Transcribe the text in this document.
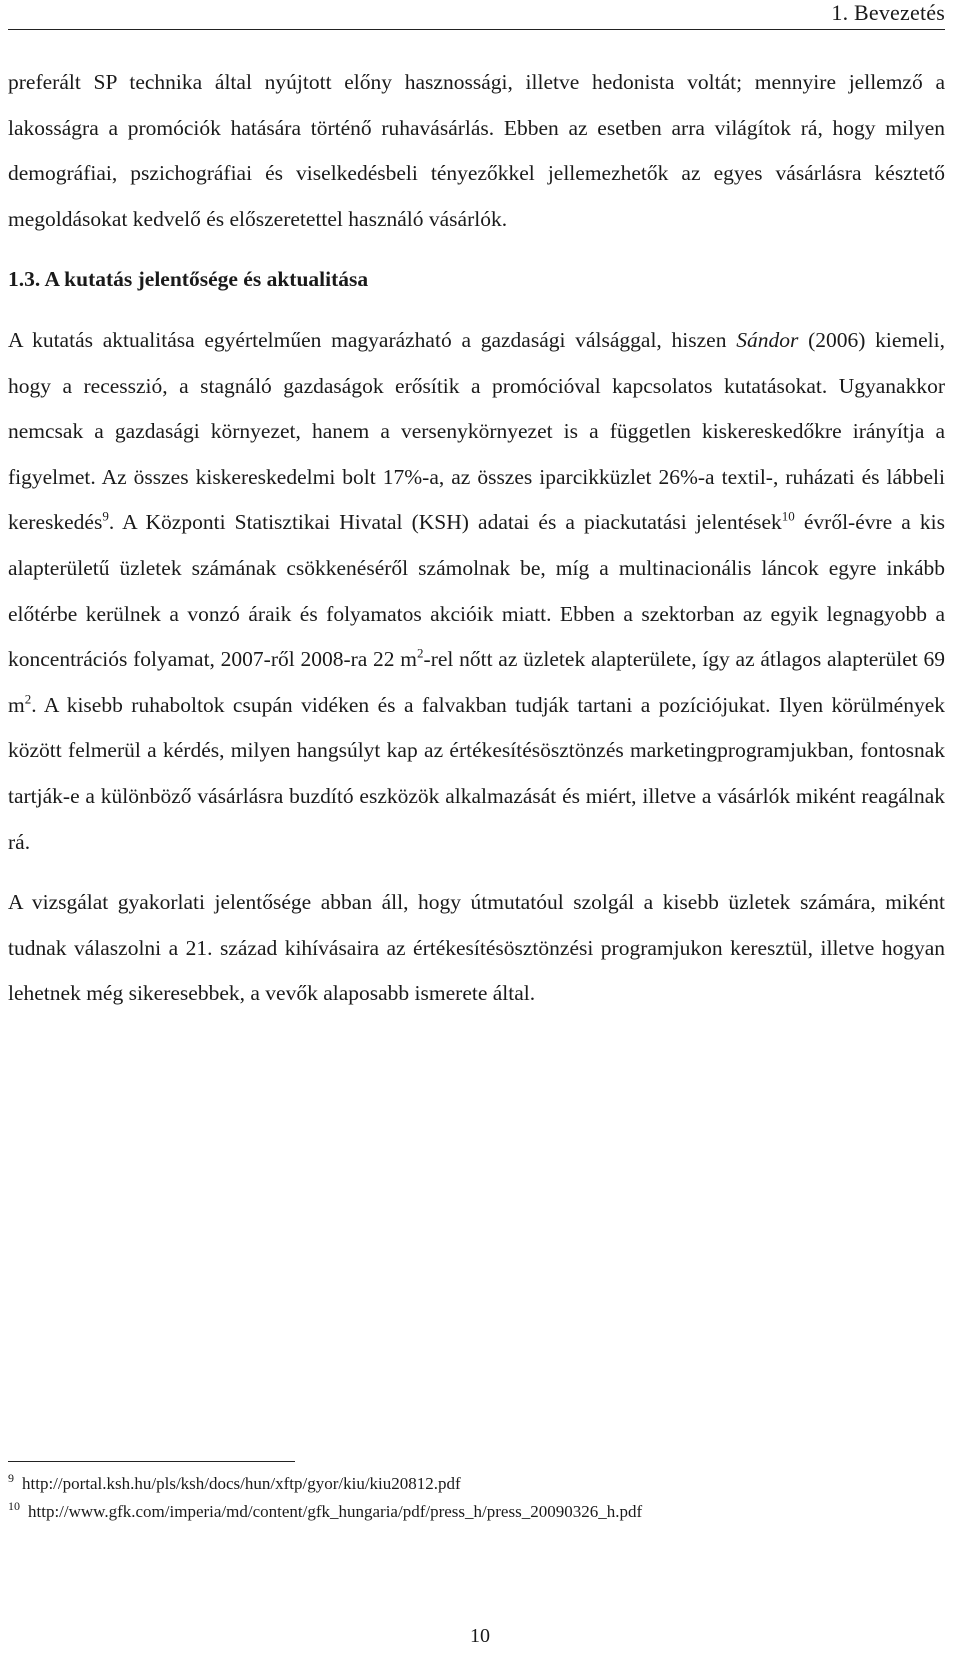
1. Bevezetés

preferált SP technika által nyújtott előny hasznossági, illetve hedonista voltát; mennyire jellemző a lakosságra a promóciók hatására történő ruhavásárlás. Ebben az esetben arra világítok rá, hogy milyen demográfiai, pszichográfiai és viselkedésbeli tényezőkkel jellemezhetők az egyes vásárlásra késztető megoldásokat kedvelő és előszeretettel használó vásárlók.

1.3. A kutatás jelentősége és aktualitása

A kutatás aktualitása egyértelműen magyarázható a gazdasági válsággal, hiszen Sándor (2006) kiemeli, hogy a recesszió, a stagnáló gazdaságok erősítik a promócióval kapcsolatos kutatásokat. Ugyanakkor nemcsak a gazdasági környezet, hanem a versenykörnyezet is a független kiskereskedőkre irányítja a figyelmet. Az összes kiskereskedelmi bolt 17%-a, az összes iparcikküzlet 26%-a textil-, ruházati és lábbeli kereskedés$^9$. A Központi Statisztikai Hivatal (KSH) adatai és a piackutatási jelentések$^{10}$ évről-évre a kis alapterületű üzletek számának csökkenéséről számolnak be, míg a multinacionális láncok egyre inkább előtérbe kerülnek a vonzó áraik és folyamatos akcióik miatt. Ebben a szektorban az egyik legnagyobb a koncentrációs folyamat, 2007-ről 2008-ra 22 $m^2$-rel nőtt az üzletek alapterülete, így az átlagos alapterület 69 $m^2$. A kisebb ruhaboltok csupán vidéken és a falvakban tudják tartani a pozíciójukat. Ilyen körülmények között felmerül a kérdés, milyen hangsúlyt kap az értékesítésösztönzés marketingprogramjukban, fontosnak tartják-e a különböző vásárlásra buzdító eszközök alkalmazását és miért, illetve a vásárlók miként reagálnak rá.

A vizsgálat gyakorlati jelentősége abban áll, hogy útmutatóul szolgál a kisebb üzletek számára, miként tudnak válaszolni a 21. század kihívásaira az értékesítésösztönzési programjukon keresztül, illetve hogyan lehetnek még sikeresebbek, a vevők alaposabb ismerete által.

$^9$ http://portal.ksh.hu/pls/ksh/docs/hun/xftp/gyor/kiu/kiu20812.pdf
$^{10}$ http://www.gfk.com/imperia/md/content/gfk_hungaria/pdf/press_h/press_20090326_h.pdf
10
